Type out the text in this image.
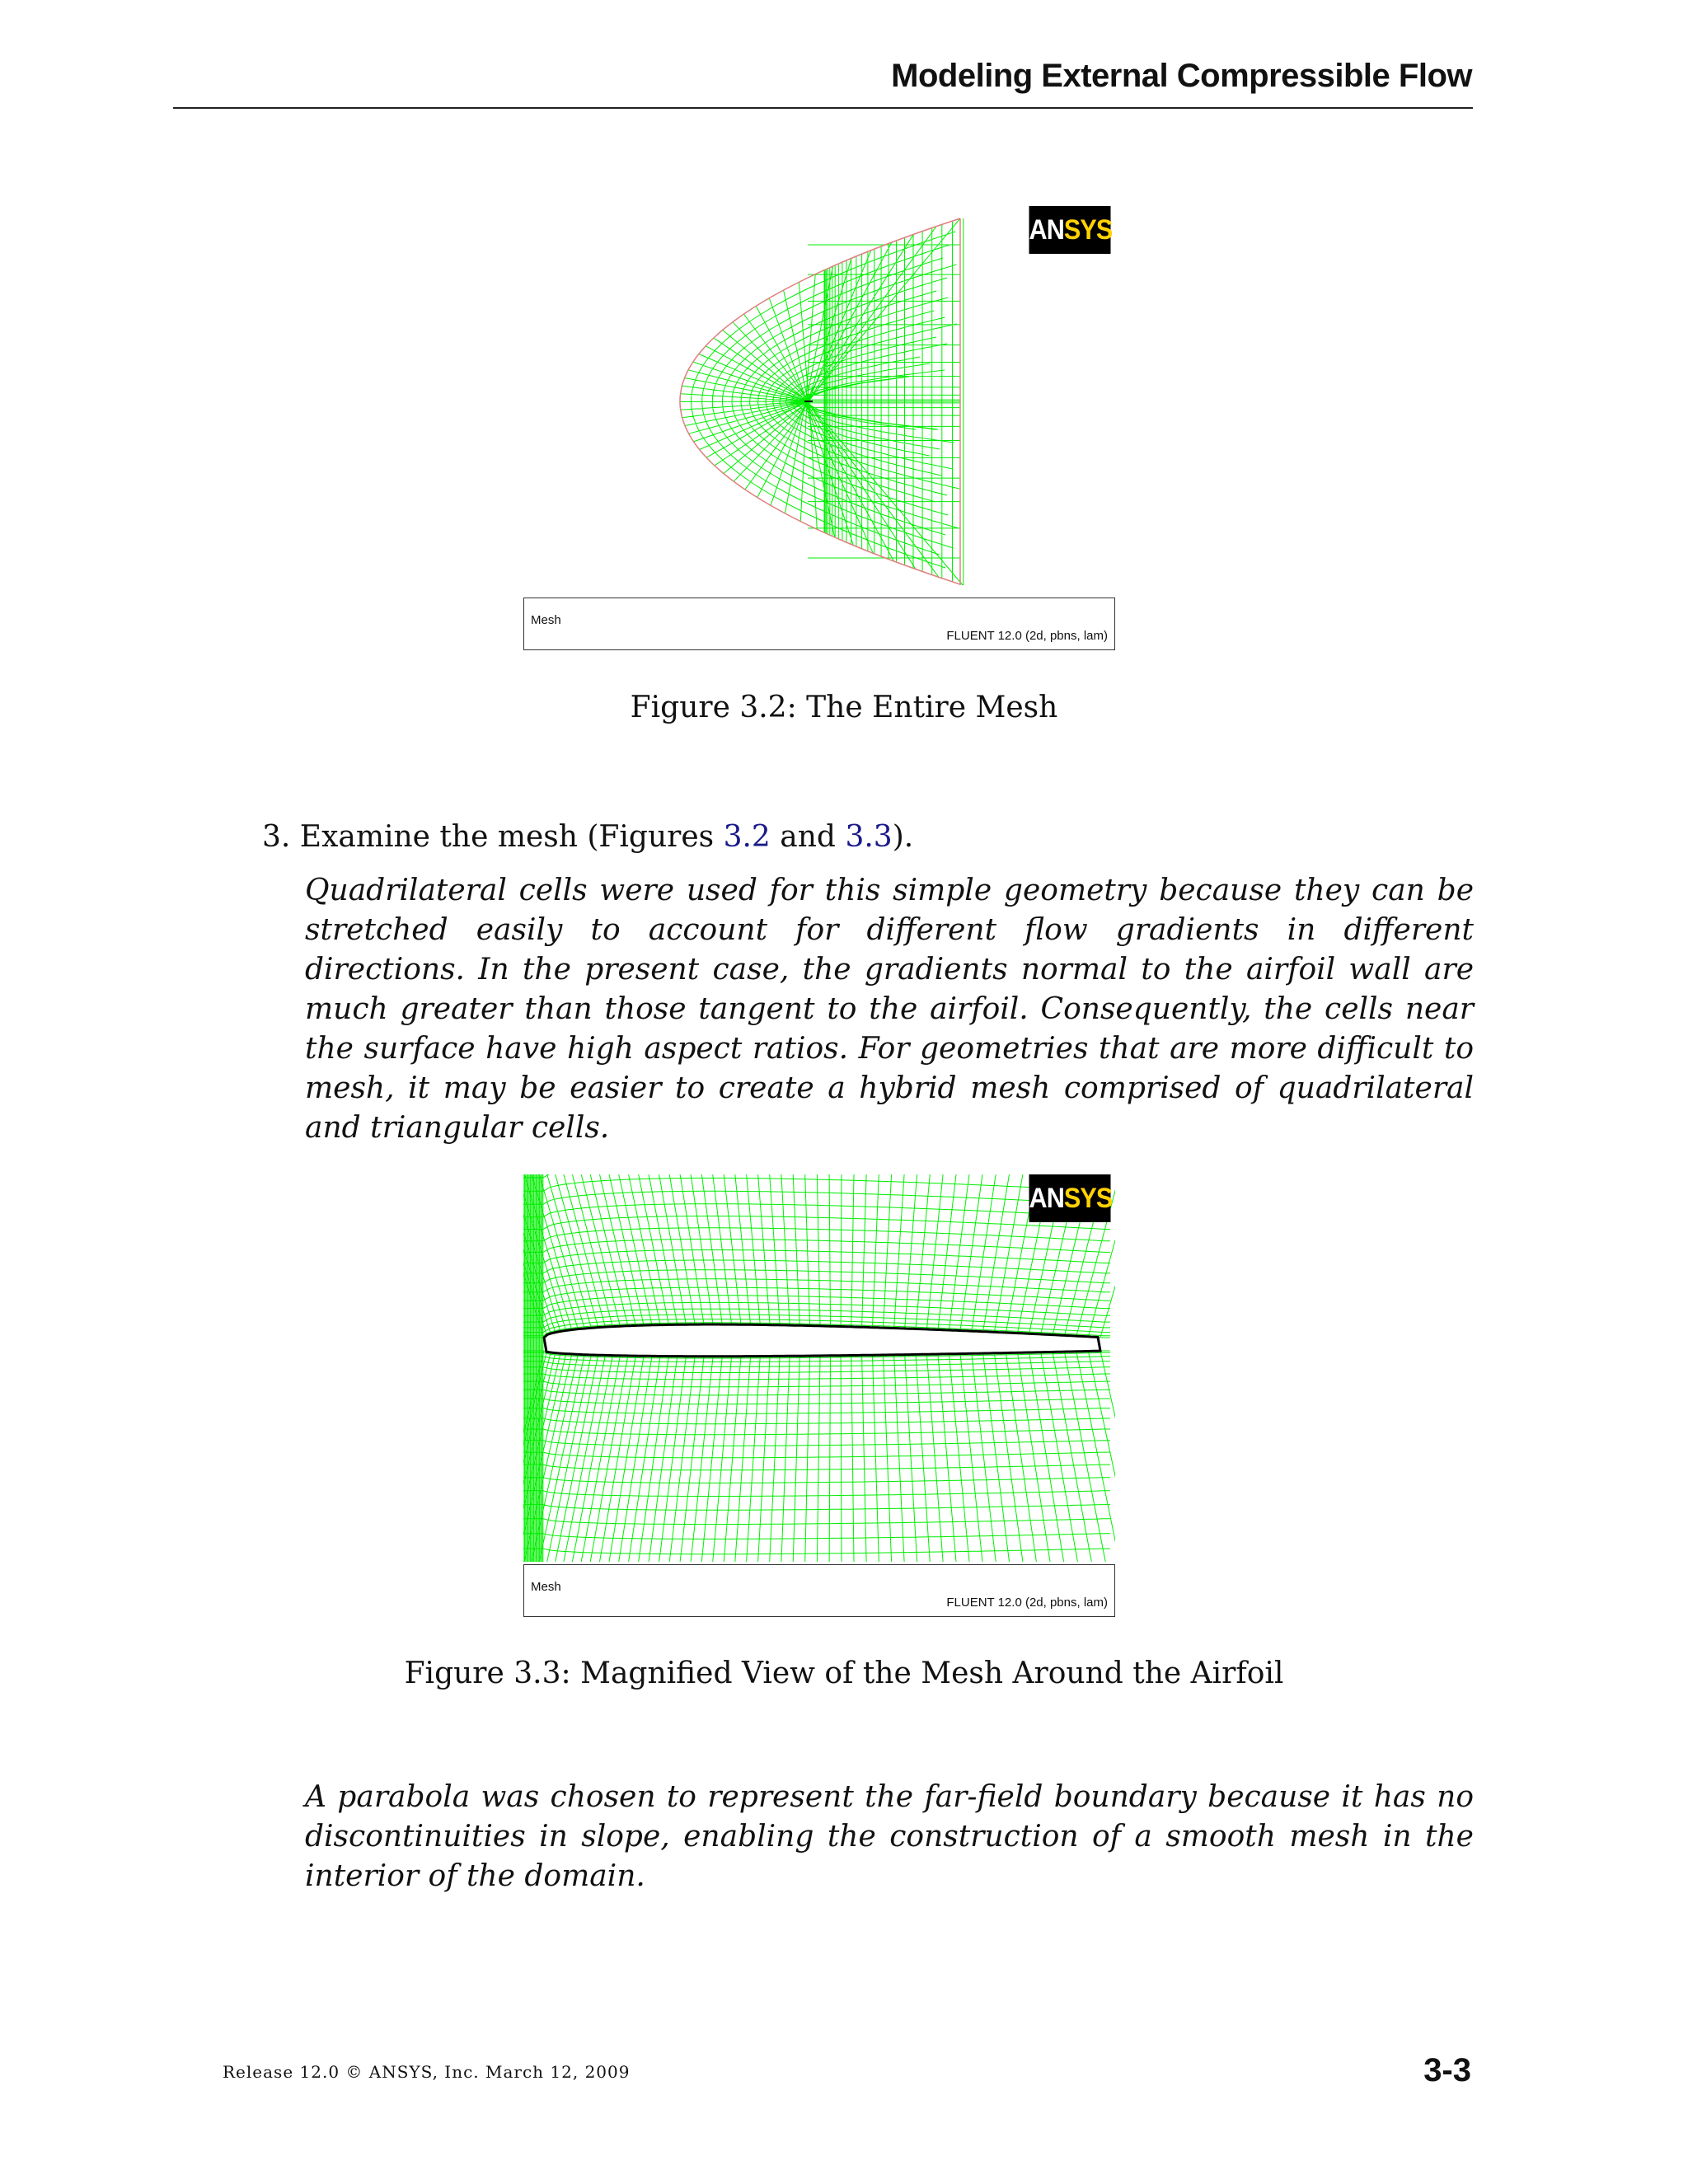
Modeling External Compressible Flow
ANSYS
Mesh
FLUENT 12.0 (2d, pbns, lam)
Figure 3.2: The Entire Mesh
3. Examine the mesh (Figures 3.2 and 3.3).
Quadrilateral cells were used for this simple geometry because they can be stretched easily to account for different flow gradients in different directions. In the present case, the gradients normal to the airfoil wall are much greater than those tangent to the airfoil. Consequently, the cells near the surface have high aspect ratios. For geometries that are more difficult to mesh, it may be easier to create a hybrid mesh comprised of quadrilateral and triangular cells.
ANSYS
Mesh
FLUENT 12.0 (2d, pbns, lam)
Figure 3.3: Magnified View of the Mesh Around the Airfoil
A parabola was chosen to represent the far-field boundary because it has no discontinuities in slope, enabling the construction of a smooth mesh in the interior of the domain.
Release 12.0 © ANSYS, Inc. March 12, 2009	3-3
